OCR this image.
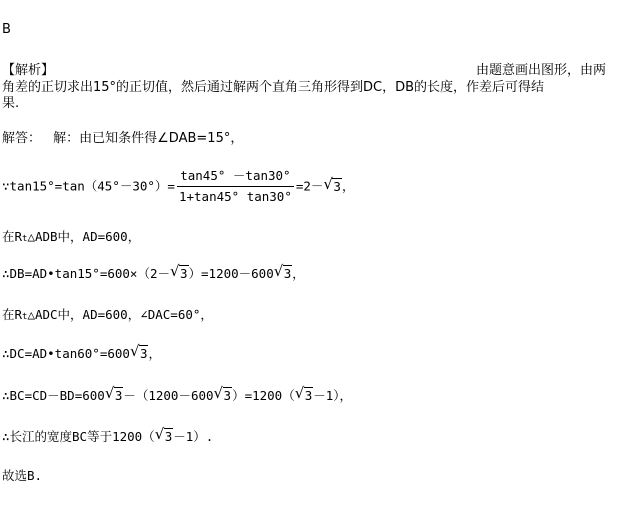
B
【解析】	由题意画出图形，由两
角差的正切求出15°的正切值，然后通过解两个直角三角形得到DC，DB的长度，作差后可得结
果.
解答： 解：由已知条件得∠DAB=15°，
∵tan15°=tan（45°－30°）= $\frac{\tan 45^\circ -\tan 30^\circ}{1+\tan 45^\circ \tan 30^\circ} =2-$ √ 3，
在Rt△ADB中，AD=600，
∴DB=AD•tan15°=600×（2－ √ 3）=1200－600 √ 3，
在Rt△ADC中，AD=600，∠DAC=60°，
∴DC=AD•tan60°=600 √ 3，
∴BC=CD－BD=600 √ 3－（1200－600 √ 3）=1200（ √ 3－1），
∴长江的宽度BC等于1200（ √ 3－1）.
故选B.
